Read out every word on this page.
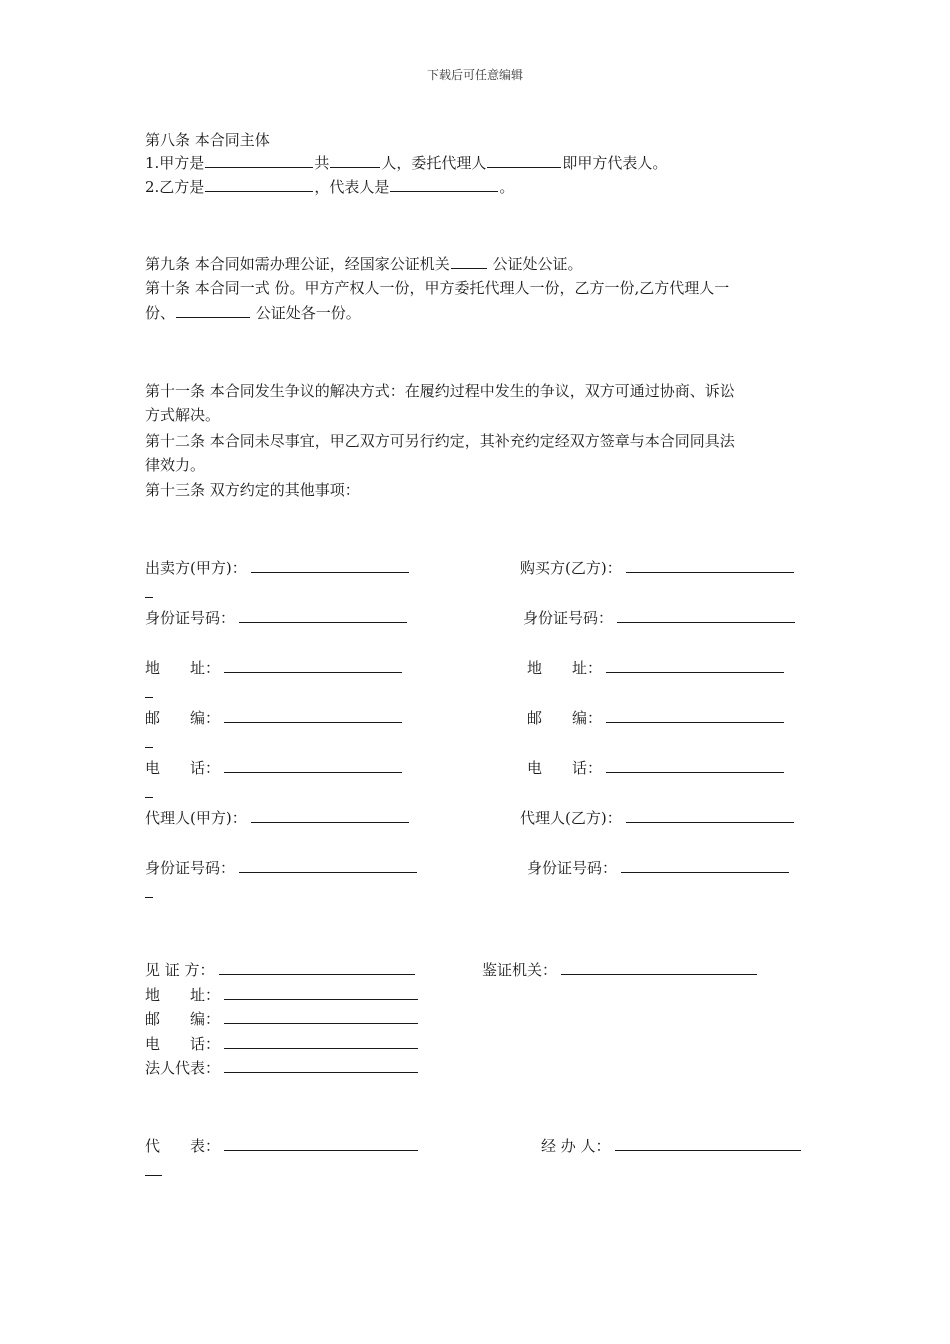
下载后可任意编辑
第八条 本合同主体
1.甲方是	共	人，委托代理人	即甲方代表人。
2.乙方是	，代表人是	。
第九条 本合同如需办理公证，经国家公证机关	公证处公证。
第十条 本合同一式 份。甲方产权人一份，甲方委托代理人一份，乙方一份,乙方代理人一
份、	公证处各一份。
第十一条 本合同发生争议的解决方式：在履约过程中发生的争议，双方可通过协商、诉讼
方式解决。
第十二条 本合同未尽事宜，甲乙双方可另行约定，其补充约定经双方签章与本合同同具法
律效力。
第十三条 双方约定的其他事项：
出卖方(甲方)：	购买方(乙方)：
身份证号码：	身份证号码：
地　　址：	地　　址：
邮　　编：	邮　　编：
电　　话：	电　　话：
代理人(甲方)：	代理人(乙方)：
身份证号码：	身份证号码：
见 证 方：	鉴证机关：
地　　址：
邮　　编：
电　　话：
法人代表：
代　　表：	经 办 人：
